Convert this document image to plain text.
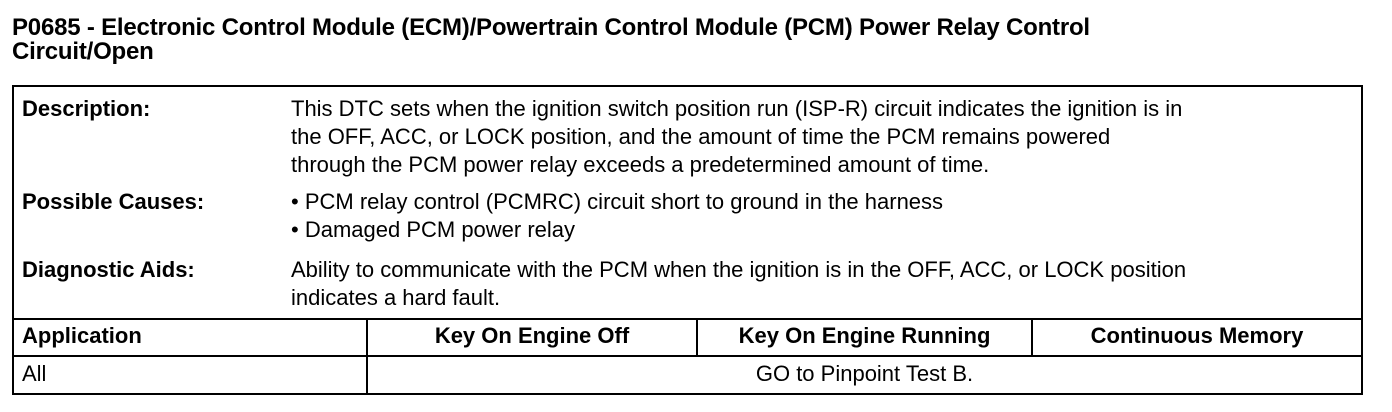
P0685 - Electronic Control Module (ECM)/Powertrain Control Module (PCM) Power Relay Control
Circuit/Open
Description:	This DTC sets when the ignition switch position run (ISP-R) circuit indicates the ignition is in
the OFF, ACC, or LOCK position, and the amount of time the PCM remains powered
through the PCM power relay exceeds a predetermined amount of time.
Possible Causes:	• PCM relay control (PCMRC) circuit short to ground in the harness
• Damaged PCM power relay
Diagnostic Aids:	Ability to communicate with the PCM when the ignition is in the OFF, ACC, or LOCK position
indicates a hard fault.
Application	Key On Engine Off	Key On Engine Running	Continuous Memory
All	GO to Pinpoint Test B.
